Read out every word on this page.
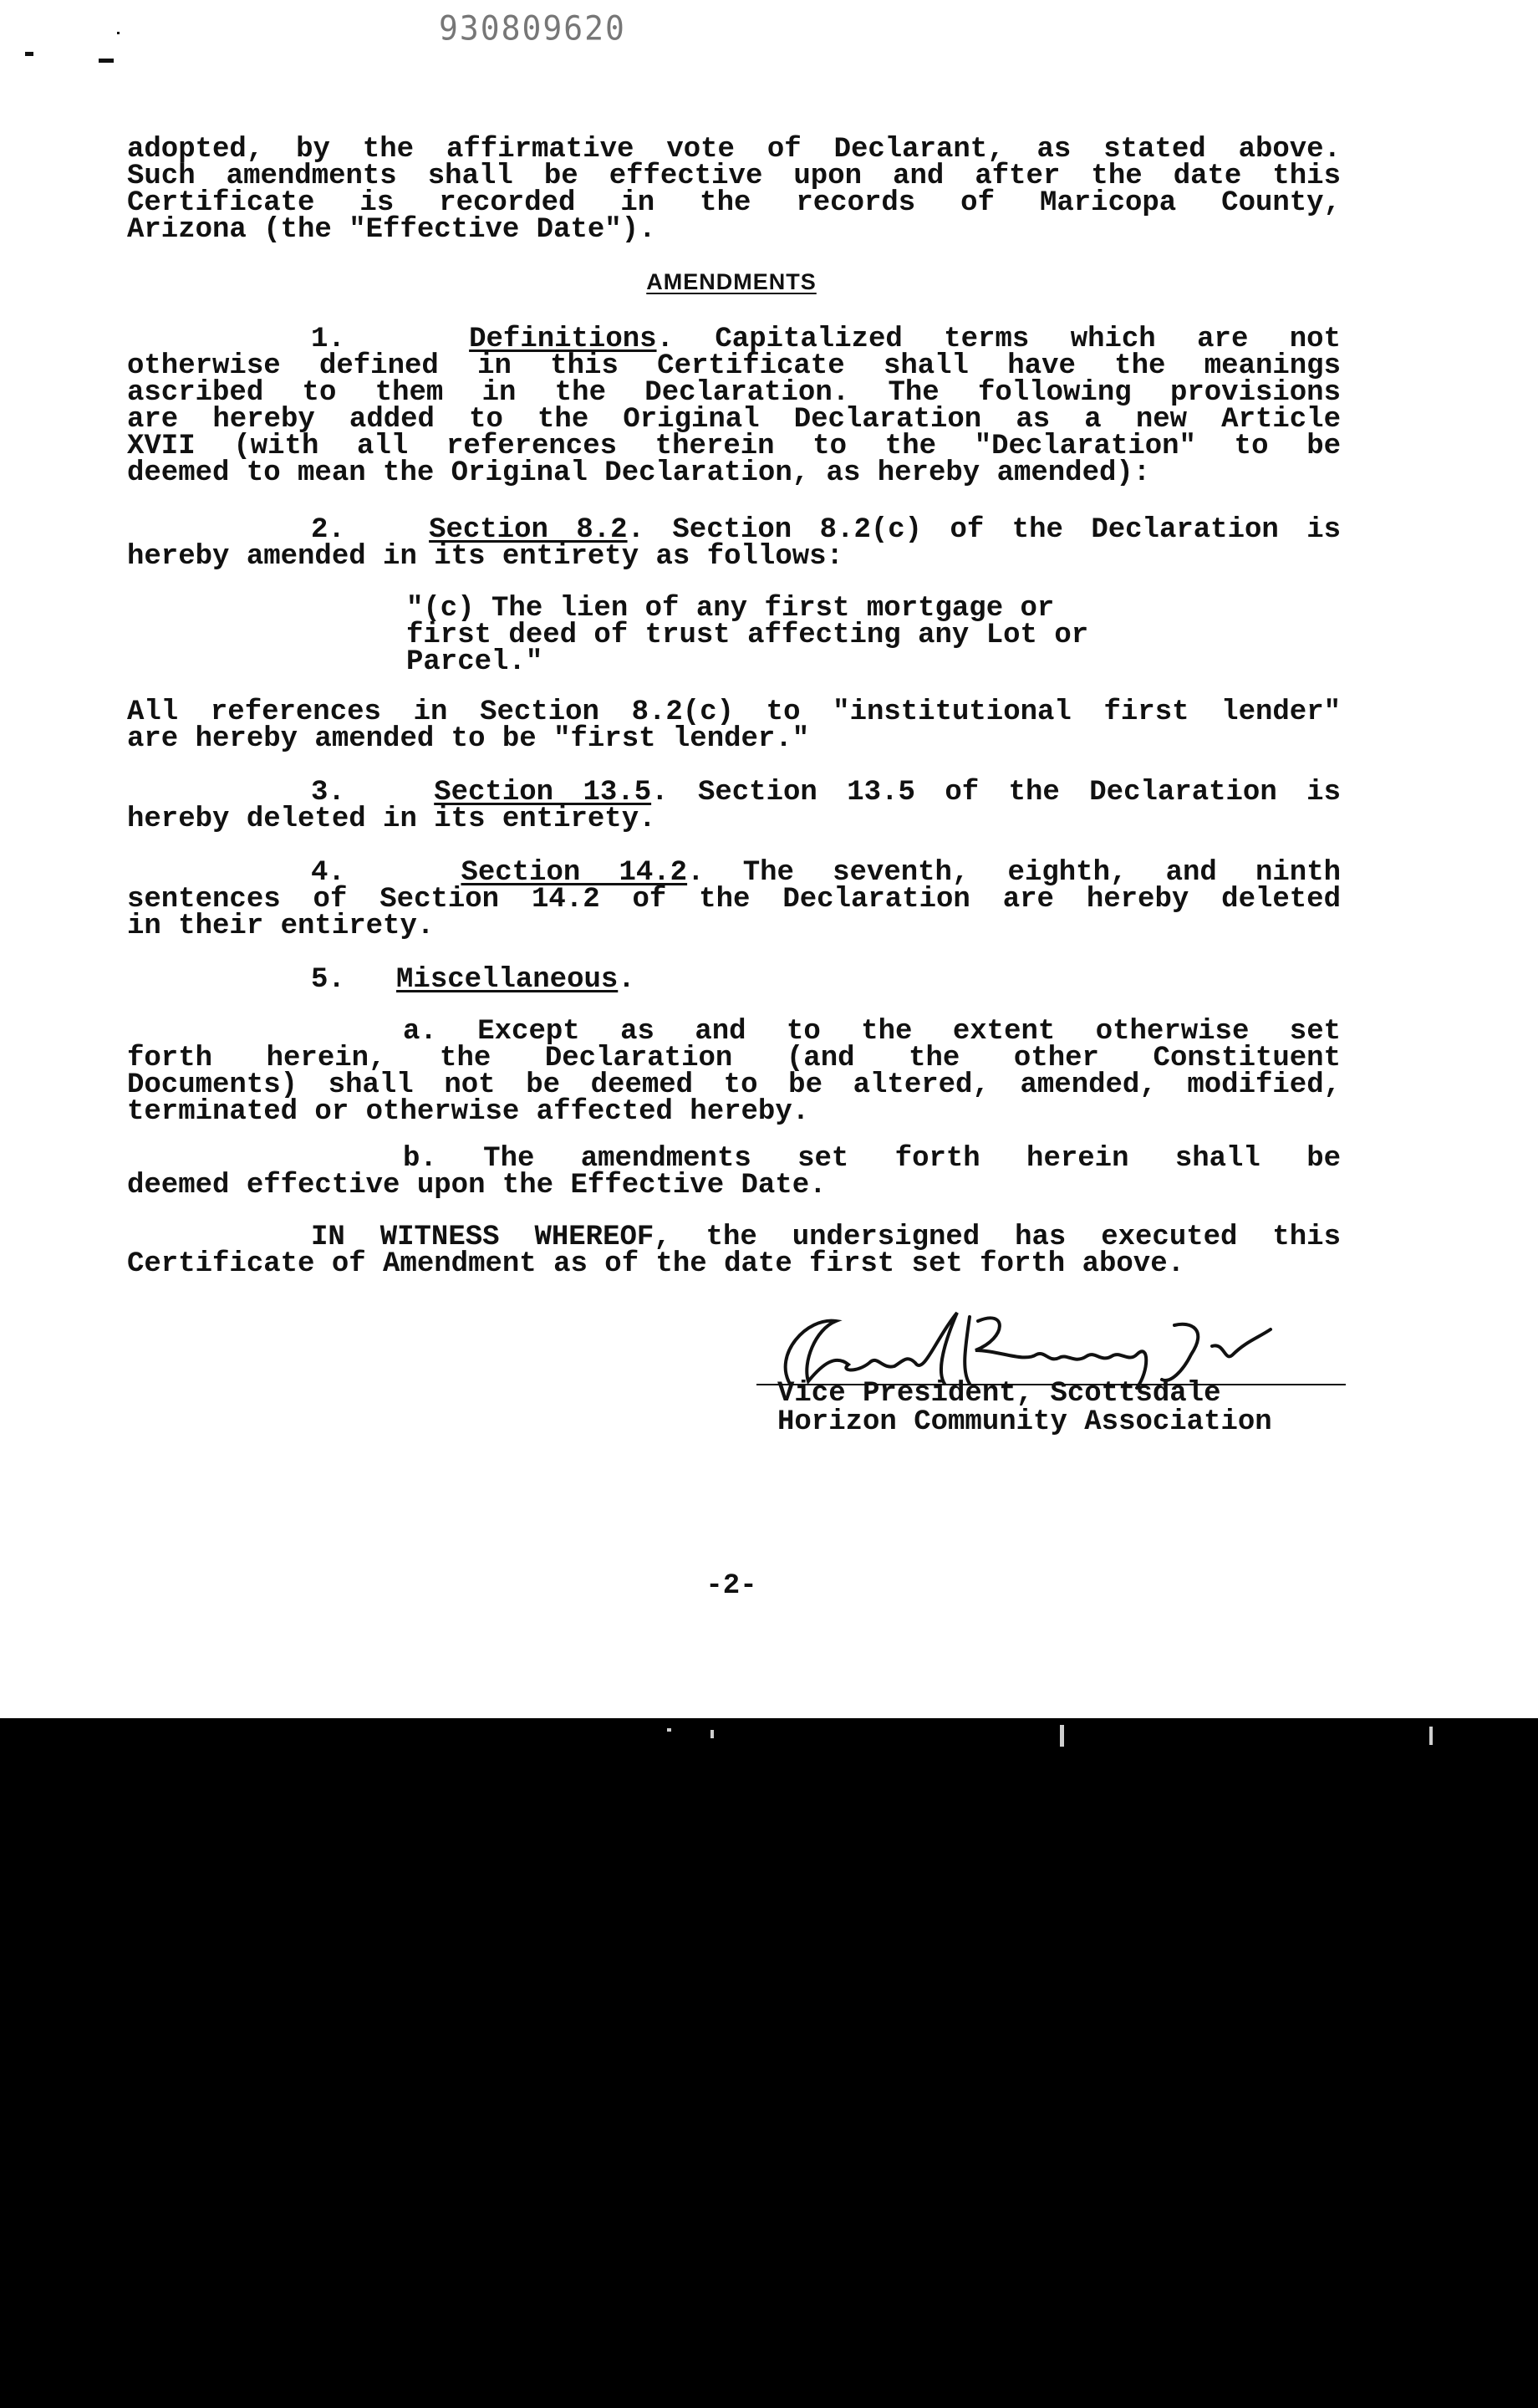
930809620
adopted, by the affirmative vote of Declarant, as stated above.
Such amendments shall be effective upon and after the date this
Certificate is recorded in the records of Maricopa County,
Arizona (the "Effective Date").
AMENDMENTS
1.	Definitions. Capitalized terms which are not
otherwise defined in this Certificate shall have the meanings
ascribed to them in the Declaration. The following provisions
are hereby added to the Original Declaration as a new Article
XVII (with all references therein to the "Declaration" to be
deemed to mean the Original Declaration, as hereby amended):
2.	Section 8.2. Section 8.2(c) of the Declaration is
hereby amended in its entirety as follows:
"(c) The lien of any first mortgage or
first deed of trust affecting any Lot or
Parcel."
All references in Section 8.2(c) to "institutional first lender"
are hereby amended to be "first lender."
3.	Section 13.5. Section 13.5 of the Declaration is
hereby deleted in its entirety.
4.	Section 14.2. The seventh, eighth, and ninth
sentences of Section 14.2 of the Declaration are hereby deleted
in their entirety.
5. Miscellaneous.
a. Except as and to the extent otherwise set
forth herein, the Declaration (and the other Constituent
Documents) shall not be deemed to be altered, amended, modified,
terminated or otherwise affected hereby.
b. The amendments set forth herein shall be
deemed effective upon the Effective Date.
IN WITNESS WHEREOF, the undersigned has executed this
Certificate of Amendment as of the date first set forth above.
Vice President, Scottsdale
Horizon Community Association
-2-
